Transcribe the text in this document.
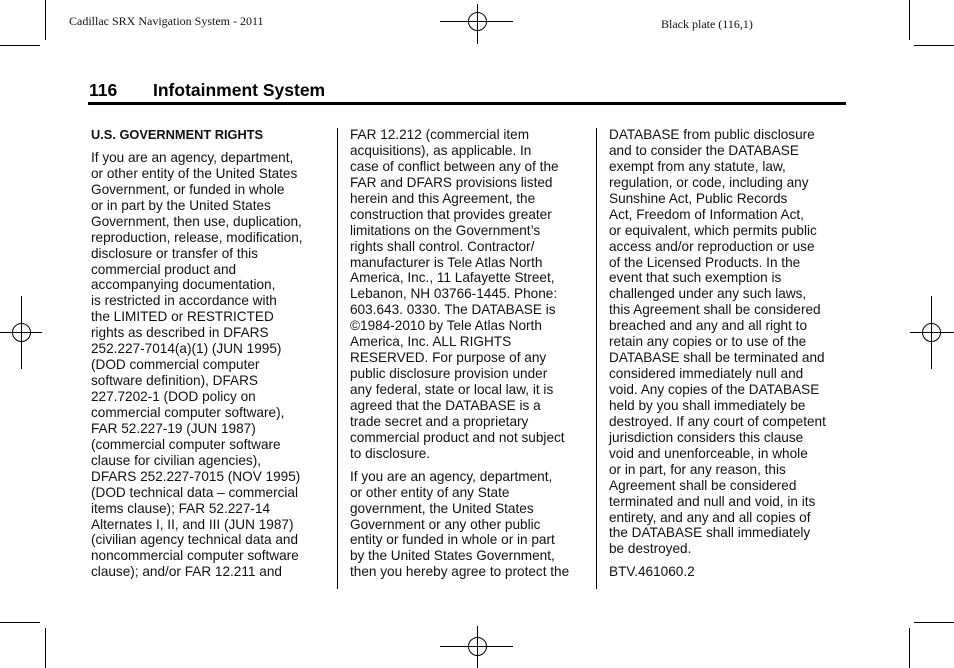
Cadillac SRX Navigation System - 2011	Black plate (116,1)
116 Infotainment System
U.S. GOVERNMENT RIGHTS
If you are an agency, department,
or other entity of the United States
Government, or funded in whole
or in part by the United States
Government, then use, duplication,
reproduction, release, modification,
disclosure or transfer of this
commercial product and
accompanying documentation,
is restricted in accordance with
the LIMITED or RESTRICTED
rights as described in DFARS
252.227-7014(a)(1) (JUN 1995)
(DOD commercial computer
software definition), DFARS
227.7202-1 (DOD policy on
commercial computer software),
FAR 52.227-19 (JUN 1987)
(commercial computer software
clause for civilian agencies),
DFARS 252.227-7015 (NOV 1995)
(DOD technical data – commercial
items clause); FAR 52.227-14
Alternates I, II, and III (JUN 1987)
(civilian agency technical data and
noncommercial computer software
clause); and/or FAR 12.211 and
FAR 12.212 (commercial item
acquisitions), as applicable. In
case of conflict between any of the
FAR and DFARS provisions listed
herein and this Agreement, the
construction that provides greater
limitations on the Government’s
rights shall control. Contractor/
manufacturer is Tele Atlas North
America, Inc., 11 Lafayette Street,
Lebanon, NH 03766-1445. Phone:
603.643. 0330. The DATABASE is
©1984-2010 by Tele Atlas North
America, Inc. ALL RIGHTS
RESERVED. For purpose of any
public disclosure provision under
any federal, state or local law, it is
agreed that the DATABASE is a
trade secret and a proprietary
commercial product and not subject
to disclosure.
If you are an agency, department,
or other entity of any State
government, the United States
Government or any other public
entity or funded in whole or in part
by the United States Government,
then you hereby agree to protect the
DATABASE from public disclosure
and to consider the DATABASE
exempt from any statute, law,
regulation, or code, including any
Sunshine Act, Public Records
Act, Freedom of Information Act,
or equivalent, which permits public
access and/or reproduction or use
of the Licensed Products. In the
event that such exemption is
challenged under any such laws,
this Agreement shall be considered
breached and any and all right to
retain any copies or to use of the
DATABASE shall be terminated and
considered immediately null and
void. Any copies of the DATABASE
held by you shall immediately be
destroyed. If any court of competent
jurisdiction considers this clause
void and unenforceable, in whole
or in part, for any reason, this
Agreement shall be considered
terminated and null and void, in its
entirety, and any and all copies of
the DATABASE shall immediately
be destroyed.
BTV.461060.2
